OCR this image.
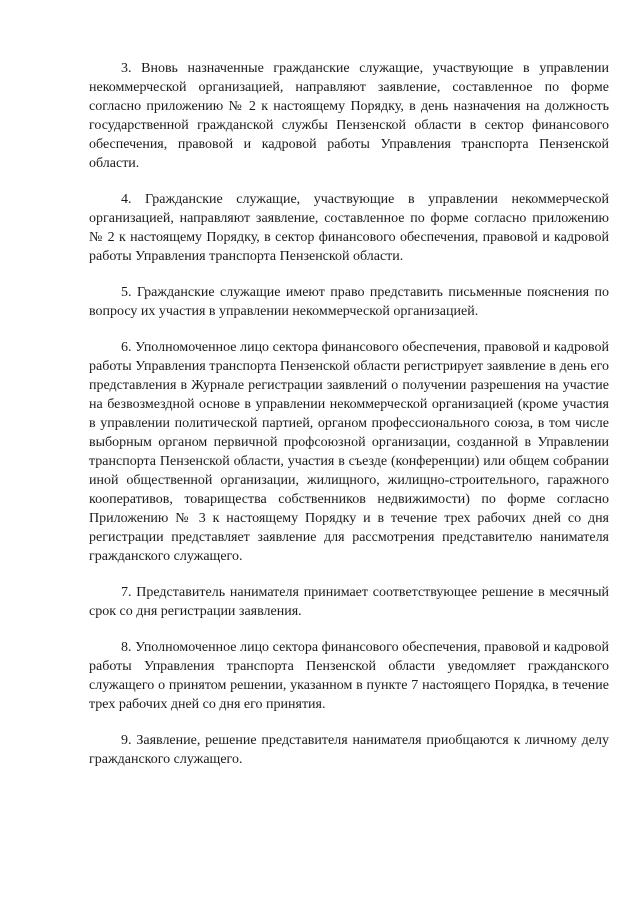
3. Вновь назначенные гражданские служащие, участвующие в управлении некоммерческой организацией, направляют заявление, составленное по форме согласно приложению № 2 к настоящему Порядку, в день назначения на должность государственной гражданской службы Пензенской области в сектор финансового обеспечения, правовой и кадровой работы Управления транспорта Пензенской области.

4. Гражданские служащие, участвующие в управлении некоммерческой организацией, направляют заявление, составленное по форме согласно приложению № 2 к настоящему Порядку, в сектор финансового обеспечения, правовой и кадровой работы Управления транспорта Пензенской области.

5. Гражданские служащие имеют право представить письменные пояснения по вопросу их участия в управлении некоммерческой организацией.

6. Уполномоченное лицо сектора финансового обеспечения, правовой и кадровой работы Управления транспорта Пензенской области регистрирует заявление в день его представления в Журнале регистрации заявлений о получении разрешения на участие на безвозмездной основе в управлении некоммерческой организацией (кроме участия в управлении политической партией, органом профессионального союза, в том числе выборным органом первичной профсоюзной организации, созданной в Управлении транспорта Пензенской области, участия в съезде (конференции) или общем собрании иной общественной организации, жилищного, жилищно-строительного, гаражного кооперативов, товарищества собственников недвижимости) по форме согласно Приложению № 3 к настоящему Порядку и в течение трех рабочих дней со дня регистрации представляет заявление для рассмотрения представителю нанимателя гражданского служащего.

7. Представитель нанимателя принимает соответствующее решение в месячный срок со дня регистрации заявления.

8. Уполномоченное лицо сектора финансового обеспечения, правовой и кадровой работы Управления транспорта Пензенской области уведомляет гражданского служащего о принятом решении, указанном в пункте 7 настоящего Порядка, в течение трех рабочих дней со дня его принятия.

9. Заявление, решение представителя нанимателя приобщаются к личному делу гражданского служащего.
